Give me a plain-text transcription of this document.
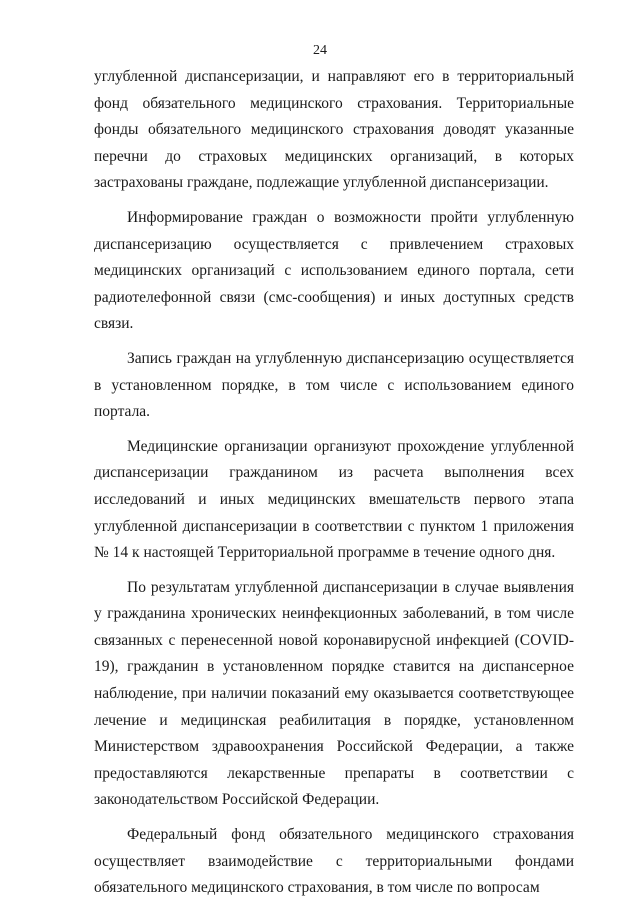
24

углубленной диспансеризации, и направляют его в территориальный фонд обязательного медицинского страхования. Территориальные фонды обязательного медицинского страхования доводят указанные перечни до страховых медицинских организаций, в которых застрахованы граждане, подлежащие углубленной диспансеризации.

Информирование граждан о возможности пройти углубленную диспансеризацию осуществляется с привлечением страховых медицинских организаций с использованием единого портала, сети радиотелефонной связи (смс-сообщения) и иных доступных средств связи.

Запись граждан на углубленную диспансеризацию осуществляется в установленном порядке, в том числе с использованием единого портала.

Медицинские организации организуют прохождение углубленной диспансеризации гражданином из расчета выполнения всех исследований и иных медицинских вмешательств первого этапа углубленной диспансеризации в соответствии с пунктом 1 приложения № 14 к настоящей Территориальной программе в течение одного дня.

По результатам углубленной диспансеризации в случае выявления у гражданина хронических неинфекционных заболеваний, в том числе связанных с перенесенной новой коронавирусной инфекцией (COVID-19), гражданин в установленном порядке ставится на диспансерное наблюдение, при наличии показаний ему оказывается соответствующее лечение и медицинская реабилитация в порядке, установленном Министерством здравоохранения Российской Федерации, а также предоставляются лекарственные препараты в соответствии с законодательством Российской Федерации.

Федеральный фонд обязательного медицинского страхования осуществляет взаимодействие с территориальными фондами обязательного медицинского страхования, в том числе по вопросам
